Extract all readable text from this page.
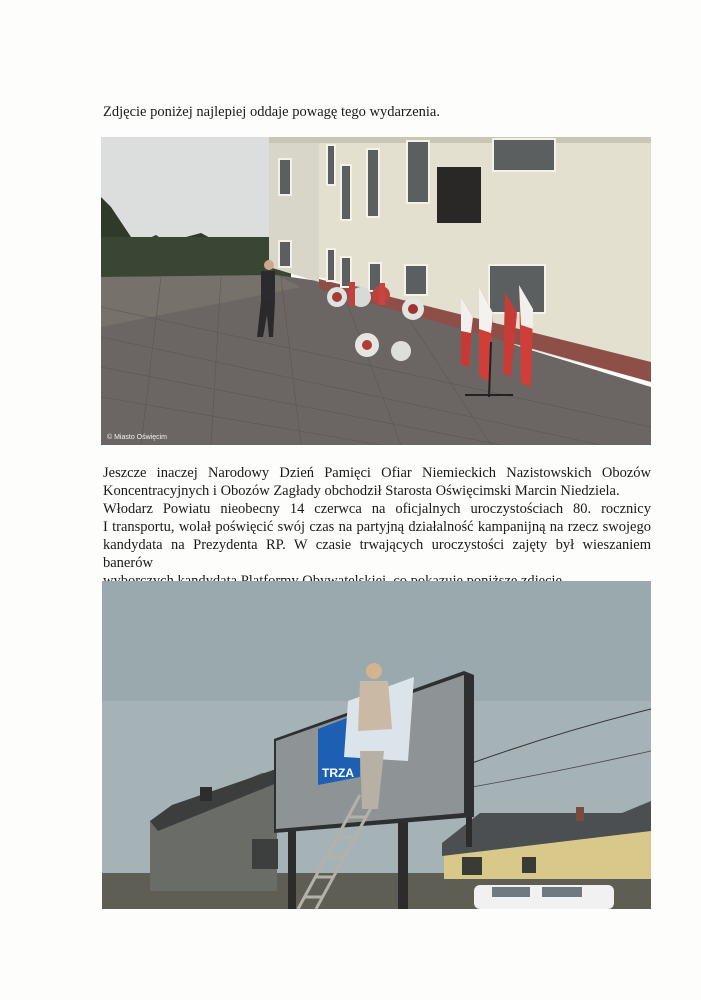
Zdjęcie poniżej najlepiej oddaje powagę tego wydarzenia.
© Miasto Oświęcim
Jeszcze inaczej Narodowy Dzień Pamięci Ofiar Niemieckich Nazistowskich Obozów
Koncentracyjnych i Obozów Zagłady obchodził Starosta Oświęcimski Marcin Niedziela.
Włodarz Powiatu nieobecny 14 czerwca na oficjalnych uroczystościach 80. rocznicy
I transportu, wolał poświęcić swój czas na partyjną działalność kampanijną na rzecz swojego
kandydata na Prezydenta RP. W czasie trwających uroczystości zajęty był wieszaniem banerów
TRZA
